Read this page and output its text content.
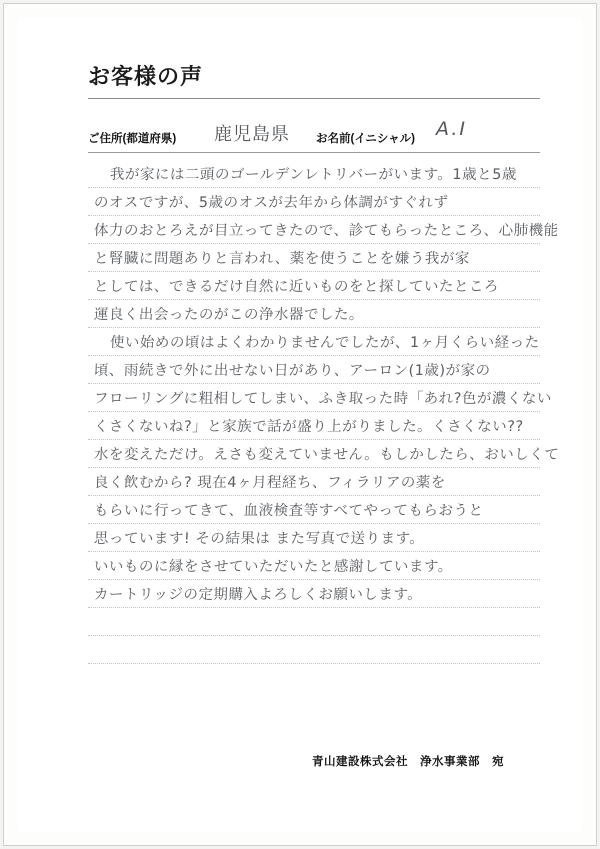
お客様の声
ご住所(都道府県) 鹿児島県 お名前(イニシャル) A.I
我が家には二頭のゴールデンレトリバーがいます。1歳と5歳
のオスですが、5歳のオスが去年から体調がすぐれず
体力のおとろえが目立ってきたので、診てもらったところ、心肺機能
と腎臓に問題ありと言われ、薬を使うことを嫌う我が家
としては、できるだけ自然に近いものをと探していたところ
運良く出会ったのがこの浄水器でした。
使い始めの頃はよくわかりませんでしたが、1ヶ月くらい経った
頃、雨続きで外に出せない日があり、アーロン(1歳)が家の
フローリングに粗相してしまい、ふき取った時「あれ?色が濃くない
くさくないね?」と家族で話が盛り上がりました。くさくない??
水を変えただけ。えさも変えていません。もしかしたら、おいしくて
良く飲むから? 現在4ヶ月程経ち、フィラリアの薬を
もらいに行ってきて、血液検査等すべてやってもらおうと
思っています! その結果は また写真で送ります。
いいものに縁をさせていただいたと感謝しています。
カートリッジの定期購入よろしくお願いします。
青山建設株式会社　浄水事業部　宛
